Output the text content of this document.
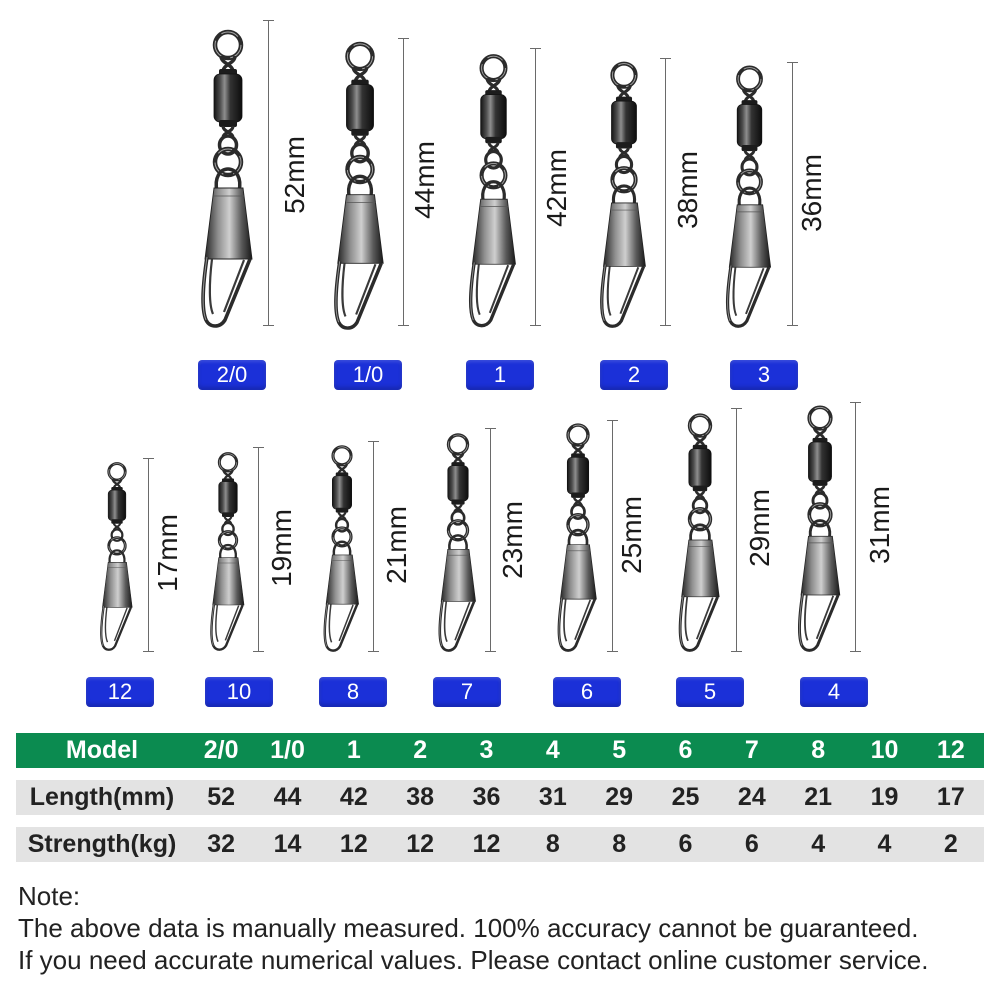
52mm
2/0
44mm
1/0
42mm
1
38mm
2
36mm
3
17mm
12
19mm
10
21mm
8
23mm
7
25mm
6
29mm
5
31mm
4
Model	2/0	1/0	1	2	3	4	5	6	7	8	10	12
Length(mm)	52	44	42	38	36	31	29	25	24	21	19	17
Strength(kg)	32	14	12	12	12	8	8	6	6	4	4	2
Note:
The above data is manually measured. 100% accuracy cannot be guaranteed.
If you need accurate numerical values. Please contact online customer service.
